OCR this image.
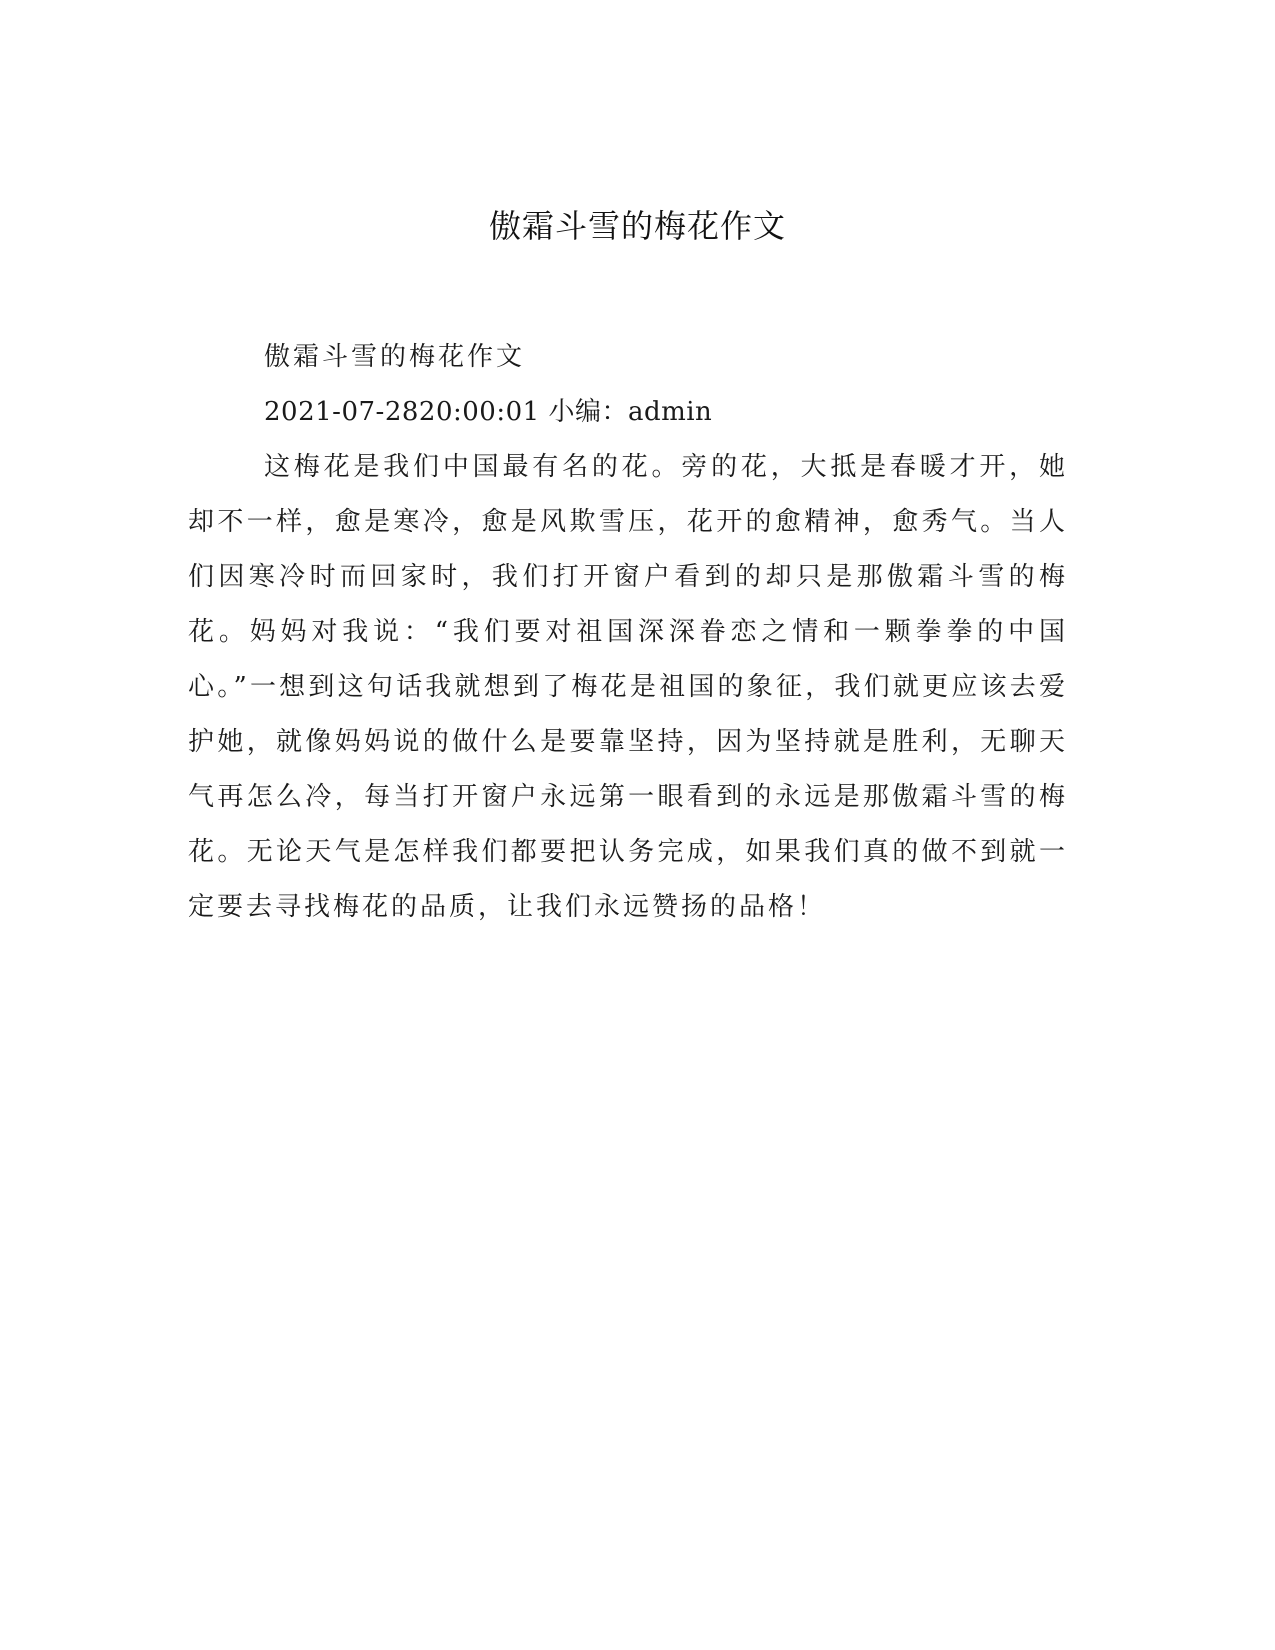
傲霜斗雪的梅花作文

傲霜斗雪的梅花作文

2021-07-2820:00:01 小编：admin

这梅花是我们中国最有名的花。旁的花，大抵是春暖才开，她却不一样，愈是寒冷，愈是风欺雪压，花开的愈精神，愈秀气。当人们因寒冷时而回家时，我们打开窗户看到的却只是那傲霜斗雪的梅花。妈妈对我说：“我们要对祖国深深眷恋之情和一颗拳拳的中国心。”一想到这句话我就想到了梅花是祖国的象征，我们就更应该去爱护她，就像妈妈说的做什么是要靠坚持，因为坚持就是胜利，无聊天气再怎么冷，每当打开窗户永远第一眼看到的永远是那傲霜斗雪的梅花。无论天气是怎样我们都要把认务完成，如果我们真的做不到就一定要去寻找梅花的品质，让我们永远赞扬的品格！
